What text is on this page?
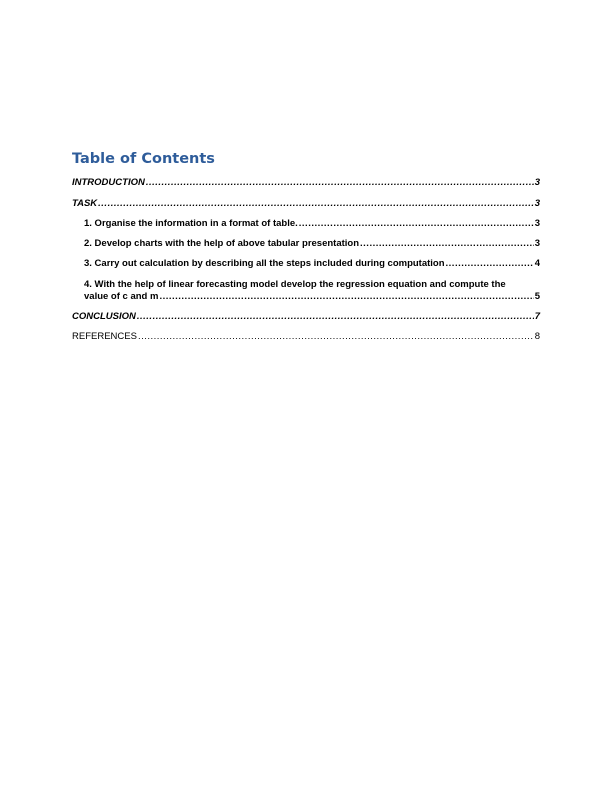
Table of Contents
INTRODUCTION .....	3
TASK .....	3
1. Organise the information in a format of table. .....	3
2. Develop charts with the help of above tabular presentation .....	3
3. Carry out calculation by describing all the steps included during computation .....	4
4. With the help of linear forecasting model develop the regression equation and compute the
value of c and m .....	5
CONCLUSION .....	7
REFERENCES .....	8
